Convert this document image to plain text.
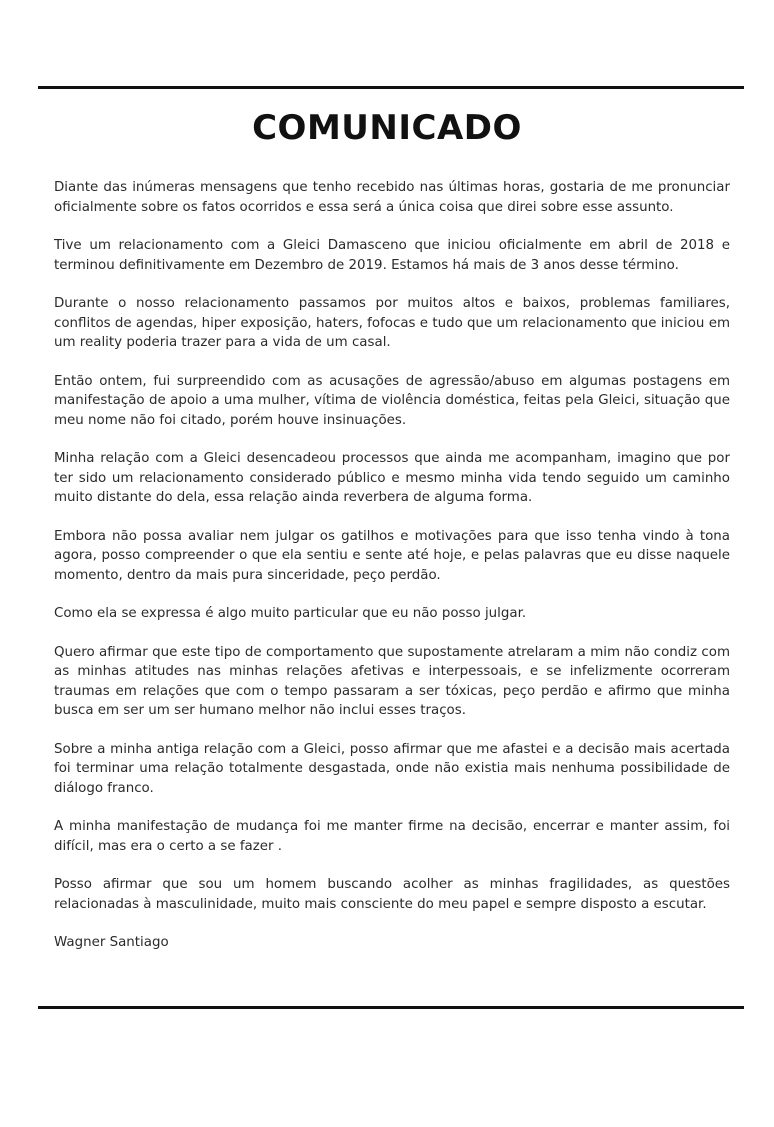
COMUNICADO

Diante das inúmeras mensagens que tenho recebido nas últimas horas, gostaria de me pronunciar oficialmente sobre os fatos ocorridos e essa será a única coisa que direi sobre esse assunto.

Tive um relacionamento com a Gleici Damasceno que iniciou oficialmente em abril de 2018 e terminou definitivamente em Dezembro de 2019. Estamos há mais de 3 anos desse término.

Durante o nosso relacionamento passamos por muitos altos e baixos, problemas familiares, conflitos de agendas, hiper exposição, haters, fofocas e tudo que um relacionamento que iniciou em um reality poderia trazer para a vida de um casal.

Então ontem, fui surpreendido com as acusações de agressão/abuso em algumas postagens em manifestação de apoio a uma mulher, vítima de violência doméstica, feitas pela Gleici, situação que meu nome não foi citado, porém houve insinuações.

Minha relação com a Gleici desencadeou processos que ainda me acompanham, imagino que por ter sido um relacionamento considerado público e mesmo minha vida tendo seguido um caminho muito distante do dela, essa relação ainda reverbera de alguma forma.

Embora não possa avaliar nem julgar os gatilhos e motivações para que isso tenha vindo à tona agora, posso compreender o que ela sentiu e sente até hoje, e pelas palavras que eu disse naquele momento, dentro da mais pura sinceridade, peço perdão.

Como ela se expressa é algo muito particular que eu não posso julgar.

Quero afirmar que este tipo de comportamento que supostamente atrelaram a mim não condiz com as minhas atitudes nas minhas relações afetivas e interpessoais, e se infelizmente ocorreram traumas em relações que com o tempo passaram a ser tóxicas, peço perdão e afirmo que minha busca em ser um ser humano melhor não inclui esses traços.

Sobre a minha antiga relação com a Gleici, posso afirmar que me afastei e a decisão mais acertada foi terminar uma relação totalmente desgastada, onde não existia mais nenhuma possibilidade de diálogo franco.

A minha manifestação de mudança foi me manter firme na decisão, encerrar e manter assim, foi difícil, mas era o certo a se fazer .

Posso afirmar que sou um homem buscando acolher as minhas fragilidades, as questões relacionadas à masculinidade, muito mais consciente do meu papel e sempre disposto a escutar.

Wagner Santiago
